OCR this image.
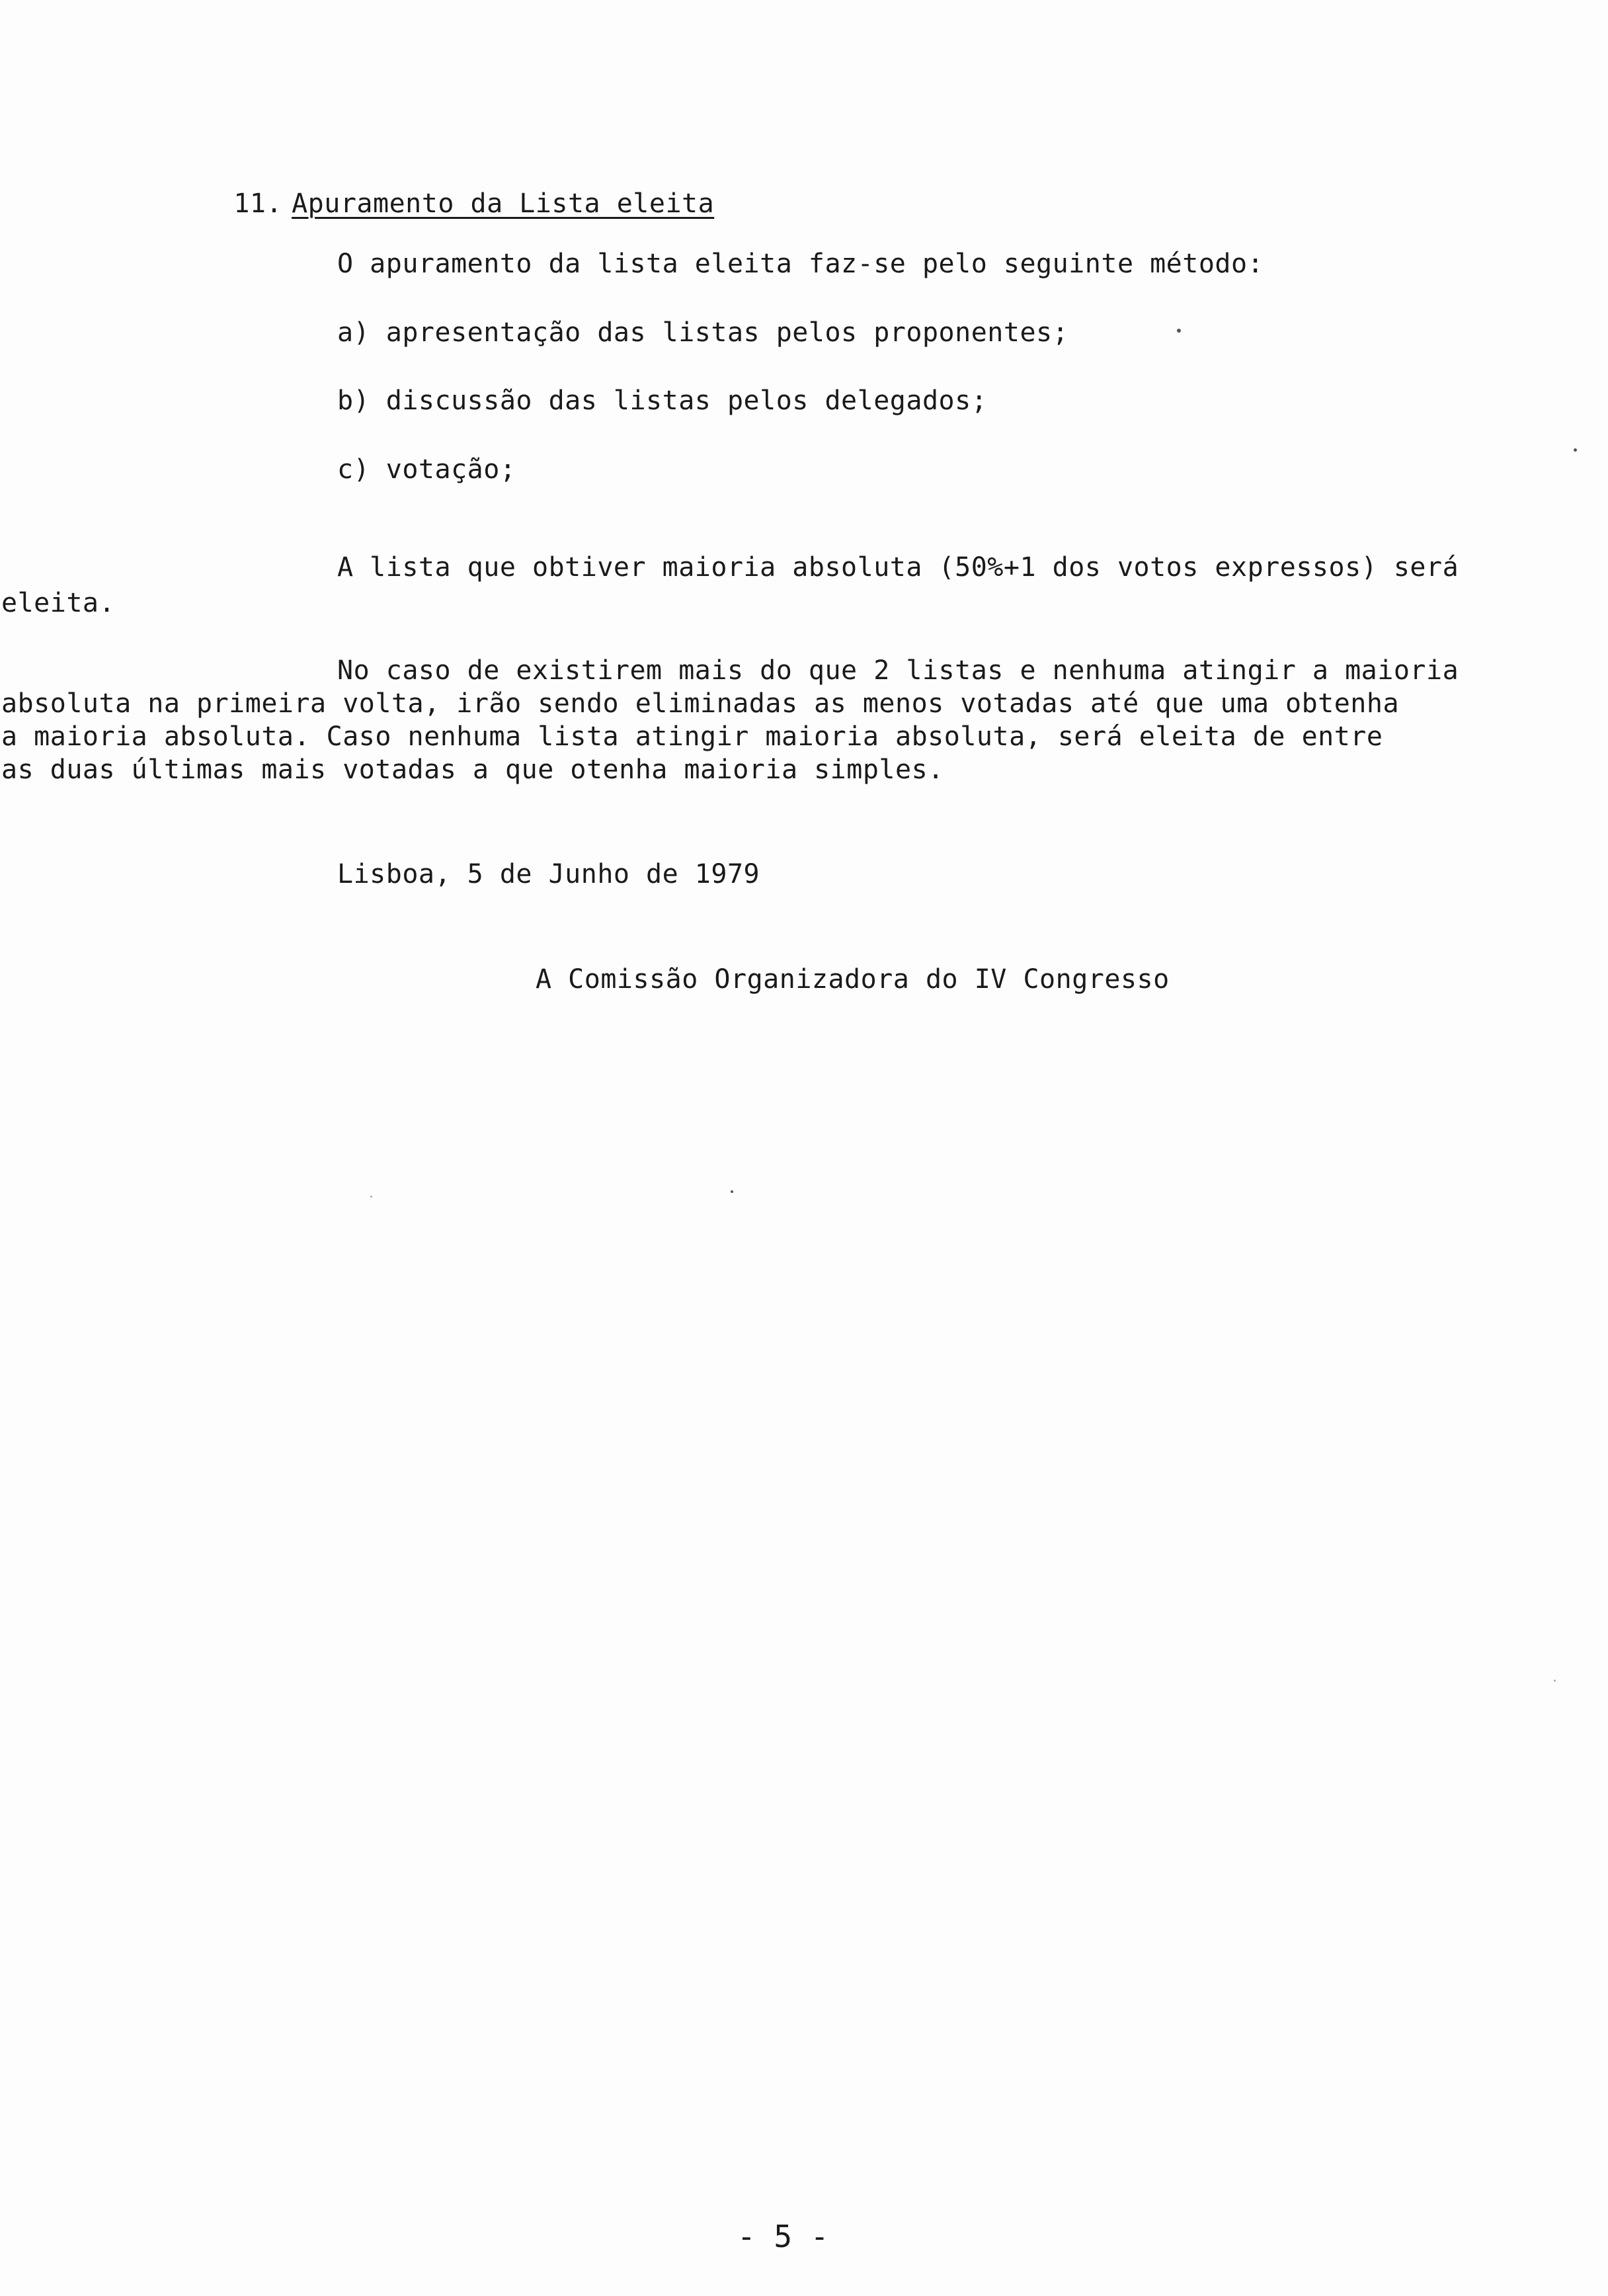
11. Apuramento da Lista eleita

O apuramento da lista eleita faz-se pelo seguinte método:
a) apresentação das listas pelos proponentes;
b) discussão das listas pelos delegados;
c) votação;
A lista que obtiver maioria absoluta (50%+1 dos votos expressos) será
eleita.
No caso de existirem mais do que 2 listas e nenhuma atingir a maioria
absoluta na primeira volta, irão sendo eliminadas as menos votadas até que uma obtenha
a maioria absoluta. Caso nenhuma lista atingir maioria absoluta, será eleita de entre
as duas últimas mais votadas a que otenha maioria simples.
Lisboa, 5 de Junho de 1979
A Comissão Organizadora do IV Congresso
- 5 -
